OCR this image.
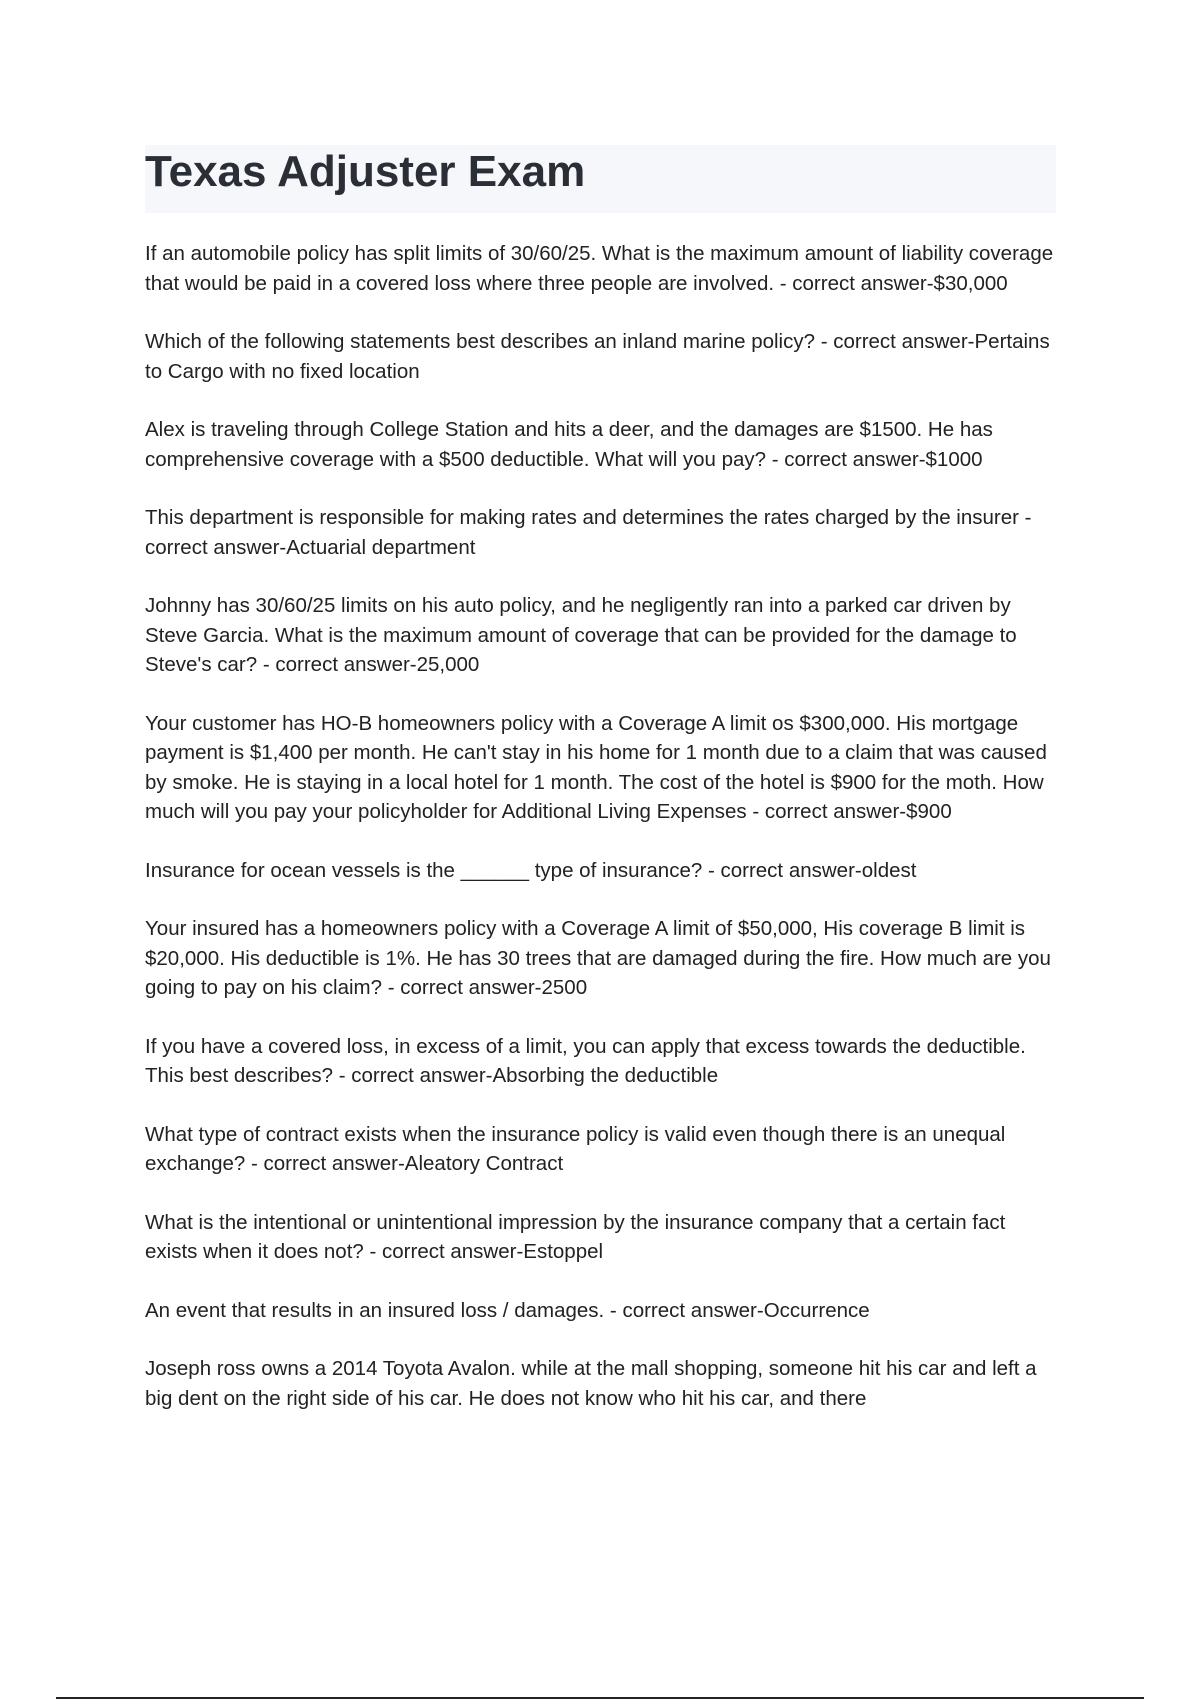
Texas Adjuster Exam
If an automobile policy has split limits of 30/60/25. What is the maximum amount of liability coverage that would be paid in a covered loss where three people are involved. - correct answer-$30,000
Which of the following statements best describes an inland marine policy? - correct answer-Pertains to Cargo with no fixed location
Alex is traveling through College Station and hits a deer, and the damages are $1500. He has comprehensive coverage with a $500 deductible. What will you pay? - correct answer-$1000
This department is responsible for making rates and determines the rates charged by the insurer - correct answer-Actuarial department
Johnny has 30/60/25 limits on his auto policy, and he negligently ran into a parked car driven by Steve Garcia. What is the maximum amount of coverage that can be provided for the damage to Steve's car? - correct answer-25,000
Your customer has HO-B homeowners policy with a Coverage A limit os $300,000. His mortgage payment is $1,400 per month. He can't stay in his home for 1 month due to a claim that was caused by smoke. He is staying in a local hotel for 1 month. The cost of the hotel is $900 for the moth. How much will you pay your policyholder for Additional Living Expenses - correct answer-$900
Insurance for ocean vessels is the ______ type of insurance? - correct answer-oldest
Your insured has a homeowners policy with a Coverage A limit of $50,000, His coverage B limit is $20,000. His deductible is 1%. He has 30 trees that are damaged during the fire. How much are you going to pay on his claim? - correct answer-2500
If you have a covered loss, in excess of a limit, you can apply that excess towards the deductible. This best describes? - correct answer-Absorbing the deductible
What type of contract exists when the insurance policy is valid even though there is an unequal exchange? - correct answer-Aleatory Contract
What is the intentional or unintentional impression by the insurance company that a certain fact exists when it does not? - correct answer-Estoppel
An event that results in an insured loss / damages. - correct answer-Occurrence
Joseph ross owns a 2014 Toyota Avalon. while at the mall shopping, someone hit his car and left a big dent on the right side of his car. He does not know who hit his car, and there
